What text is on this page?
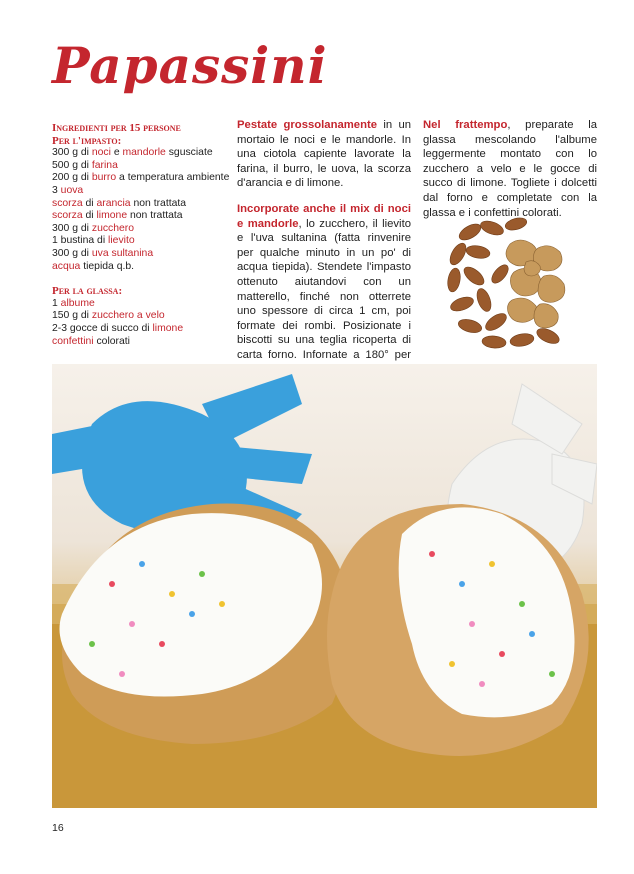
Papassini
Ingredienti per 15 persone
Per l'impasto:
300 g di noci e mandorle sgusciate
500 g di farina
200 g di burro a temperatura ambiente
3 uova
scorza di arancia non trattata
scorza di limone non trattata
300 g di zucchero
1 bustina di lievito
300 g di uva sultanina
acqua tiepida q.b.
Per la glassa:
1 albume
150 g di zucchero a velo
2-3 gocce di succo di limone
confettini colorati

Pestate grossolanamente in un mortaio le noci e le mandorle. In una ciotola capiente lavorate la farina, il burro, le uova, la scorza d'arancia e di limone.

Incorporate anche il mix di noci e mandorle, lo zucchero, il lievito e l'uva sultanina (fatta rinvenire per qualche minuto in un po' di acqua tiepida). Stendete l'impasto ottenuto aiutandovi con un matterello, finché non otterrete uno spessore di circa 1 cm, poi formate dei rombi. Posizionate i biscotti su una teglia ricoperta di carta forno. Infornate a 180° per 20 minuti circa.

Nel frattempo, preparate la glassa mescolando l'albume leggermente montato con lo zucchero a velo e le gocce di succo di limone. Togliete i dolcetti dal forno e completate con la glassa e i confettini colorati.

16
